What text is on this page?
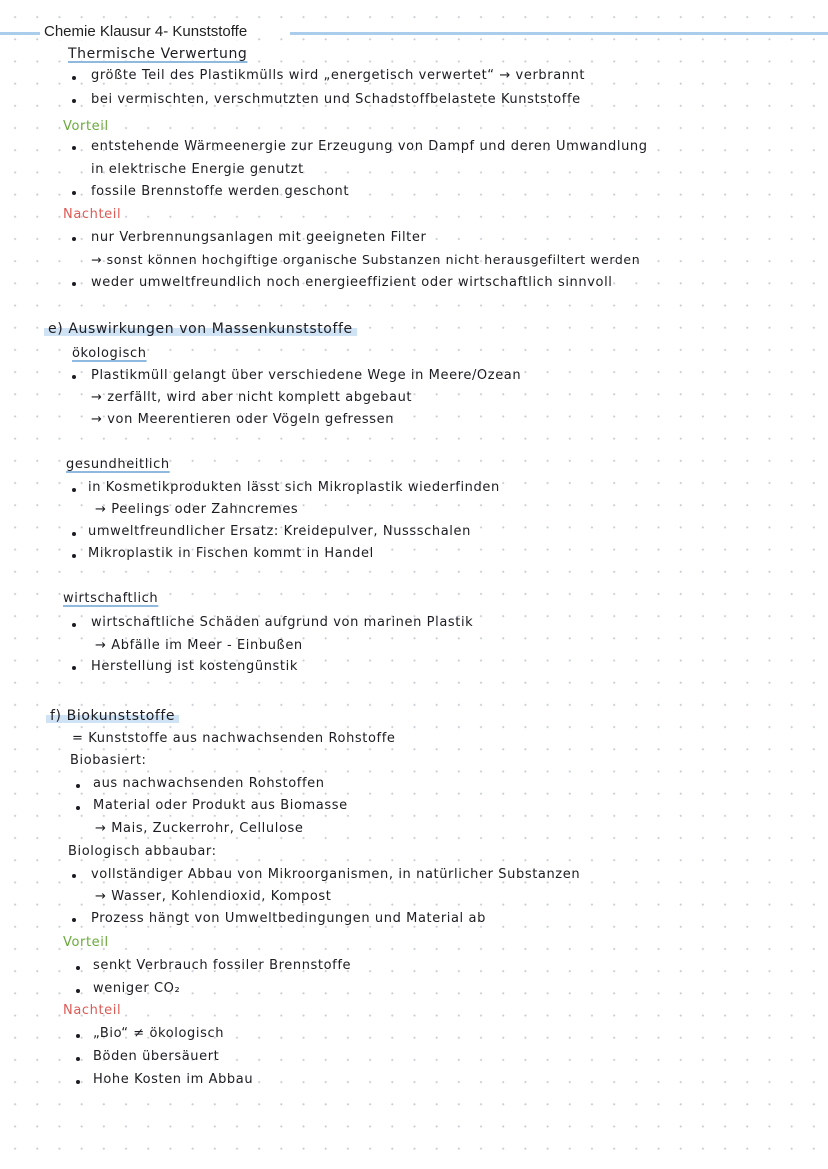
Chemie Klausur 4- Kunststoffe
Thermische Verwertung
größte Teil des Plastikmülls wird „energetisch verwertet“ → verbrannt
bei vermischten, verschmutzten und Schadstoffbelastete Kunststoffe
Vorteil
entstehende Wärmeenergie zur Erzeugung von Dampf und deren Umwandlung
in elektrische Energie genutzt
fossile Brennstoffe werden geschont
Nachteil
nur Verbrennungsanlagen mit geeigneten Filter
→ sonst können hochgiftige organische Substanzen nicht herausgefiltert werden
weder umweltfreundlich noch energieeffizient oder wirtschaftlich sinnvoll
e) Auswirkungen von Massenkunststoffe
ökologisch
Plastikmüll gelangt über verschiedene Wege in Meere/Ozean
→ zerfällt, wird aber nicht komplett abgebaut
→ von Meerentieren oder Vögeln gefressen
gesundheitlich
in Kosmetikprodukten lässt sich Mikroplastik wiederfinden
→ Peelings oder Zahncremes
umweltfreundlicher Ersatz: Kreidepulver, Nussschalen
Mikroplastik in Fischen kommt in Handel
wirtschaftlich
wirtschaftliche Schäden aufgrund von marinen Plastik
→ Abfälle im Meer - Einbußen
Herstellung ist kostengünstik
f) Biokunststoffe
= Kunststoffe aus nachwachsenden Rohstoffe
Biobasiert:
aus nachwachsenden Rohstoffen
Material oder Produkt aus Biomasse
→ Mais, Zuckerrohr, Cellulose
Biologisch abbaubar:
vollständiger Abbau von Mikroorganismen, in natürlicher Substanzen
→ Wasser, Kohlendioxid, Kompost
Prozess hängt von Umweltbedingungen und Material ab
Vorteil
senkt Verbrauch fossiler Brennstoffe
weniger CO₂
Nachteil
„Bio“ ≠ ökologisch
Böden übersäuert
Hohe Kosten im Abbau
